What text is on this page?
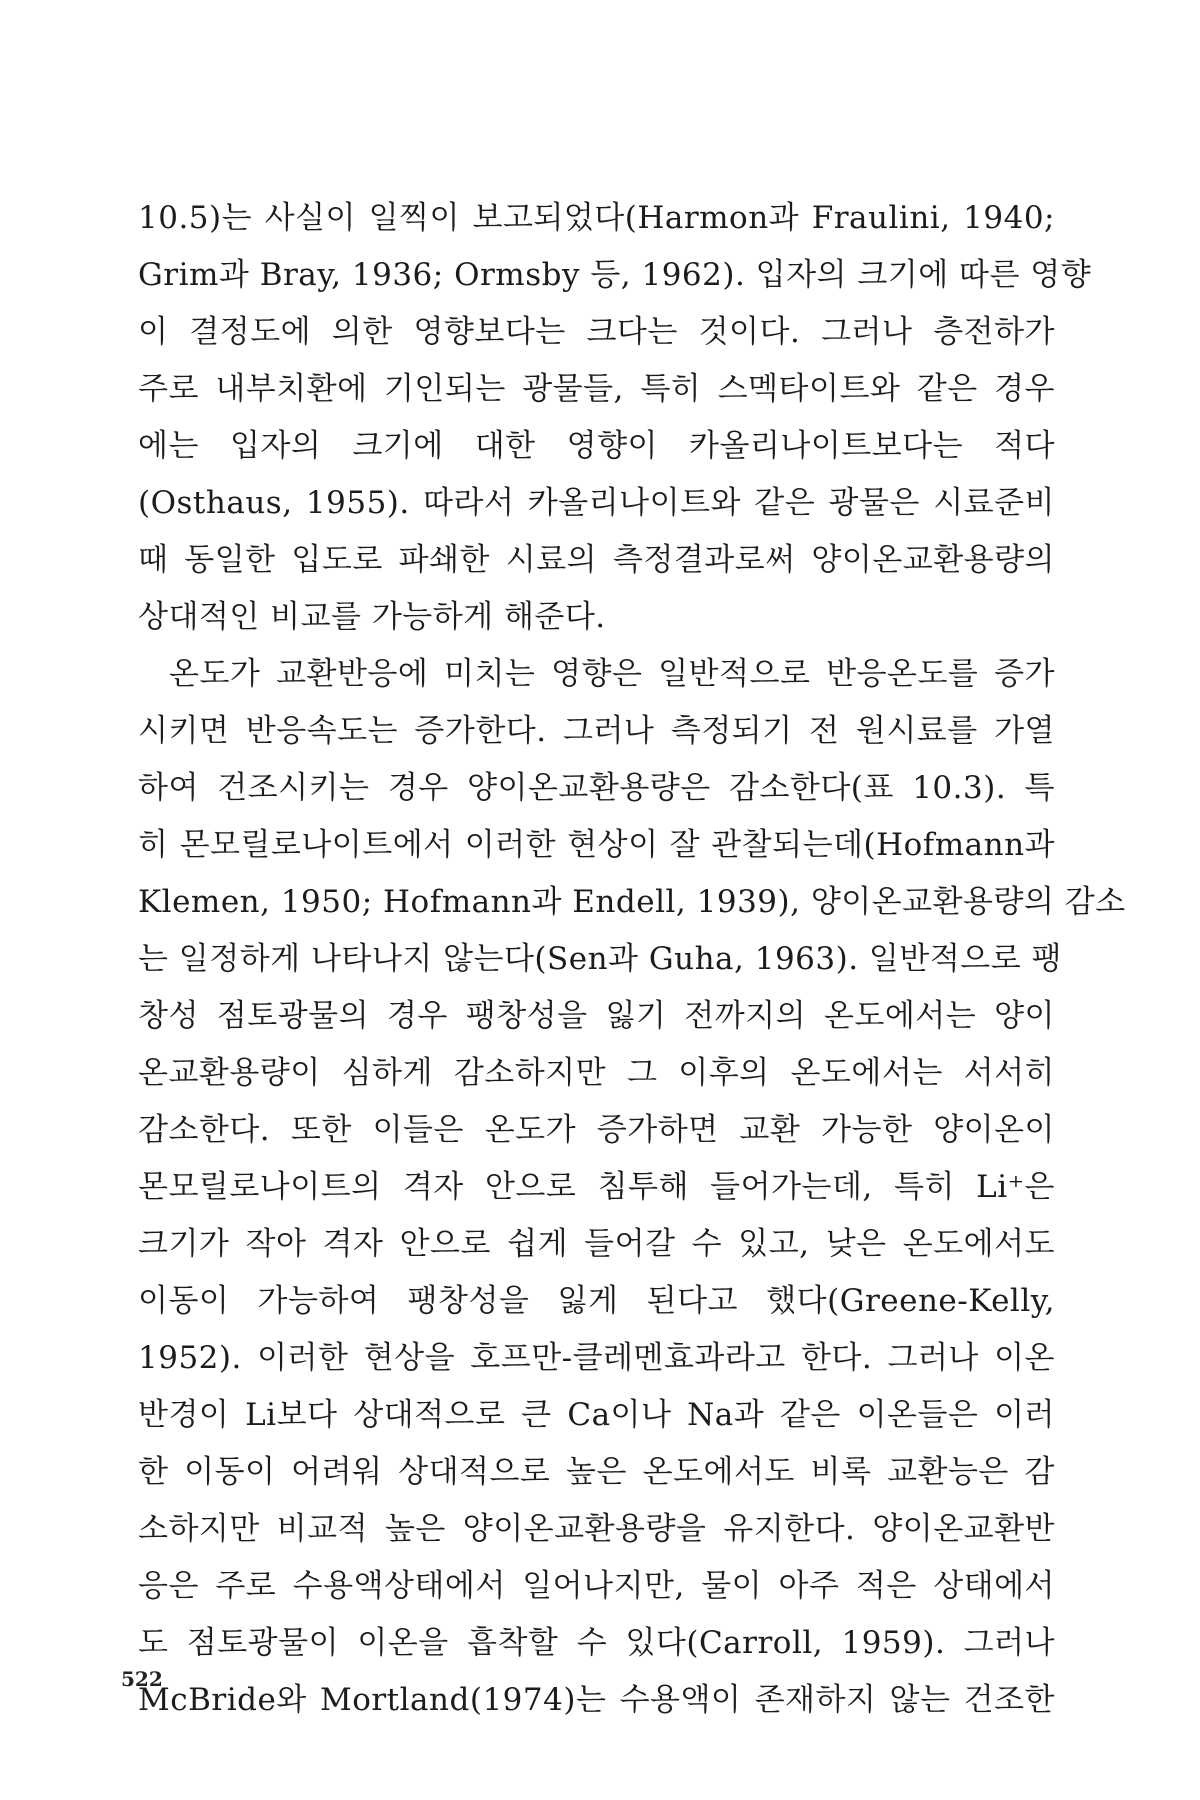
10.5)는 사실이 일찍이 보고되었다(Harmon과 Fraulini, 1940;
Grim과 Bray, 1936; Ormsby 등, 1962). 입자의 크기에 따른 영향
이 결정도에 의한 영향보다는 크다는 것이다. 그러나 층전하가
주로 내부치환에 기인되는 광물들, 특히 스멕타이트와 같은 경우
에는 입자의 크기에 대한 영향이 카올리나이트보다는 적다
(Osthaus, 1955). 따라서 카올리나이트와 같은 광물은 시료준비
때 동일한 입도로 파쇄한 시료의 측정결과로써 양이온교환용량의
상대적인 비교를 가능하게 해준다.
온도가 교환반응에 미치는 영향은 일반적으로 반응온도를 증가
시키면 반응속도는 증가한다. 그러나 측정되기 전 원시료를 가열
하여 건조시키는 경우 양이온교환용량은 감소한다(표 10.3). 특
히 몬모릴로나이트에서 이러한 현상이 잘 관찰되는데(Hofmann과
Klemen, 1950; Hofmann과 Endell, 1939), 양이온교환용량의 감소
는 일정하게 나타나지 않는다(Sen과 Guha, 1963). 일반적으로 팽
창성 점토광물의 경우 팽창성을 잃기 전까지의 온도에서는 양이
온교환용량이 심하게 감소하지만 그 이후의 온도에서는 서서히
감소한다. 또한 이들은 온도가 증가하면 교환 가능한 양이온이
몬모릴로나이트의 격자 안으로 침투해 들어가는데, 특히 Li⁺은
크기가 작아 격자 안으로 쉽게 들어갈 수 있고, 낮은 온도에서도
이동이 가능하여 팽창성을 잃게 된다고 했다(Greene-Kelly,
1952). 이러한 현상을 호프만-클레멘효과라고 한다. 그러나 이온
반경이 Li보다 상대적으로 큰 Ca이나 Na과 같은 이온들은 이러
한 이동이 어려워 상대적으로 높은 온도에서도 비록 교환능은 감
소하지만 비교적 높은 양이온교환용량을 유지한다. 양이온교환반
응은 주로 수용액상태에서 일어나지만, 물이 아주 적은 상태에서
도 점토광물이 이온을 흡착할 수 있다(Carroll, 1959). 그러나
McBride와 Mortland(1974)는 수용액이 존재하지 않는 건조한
522
